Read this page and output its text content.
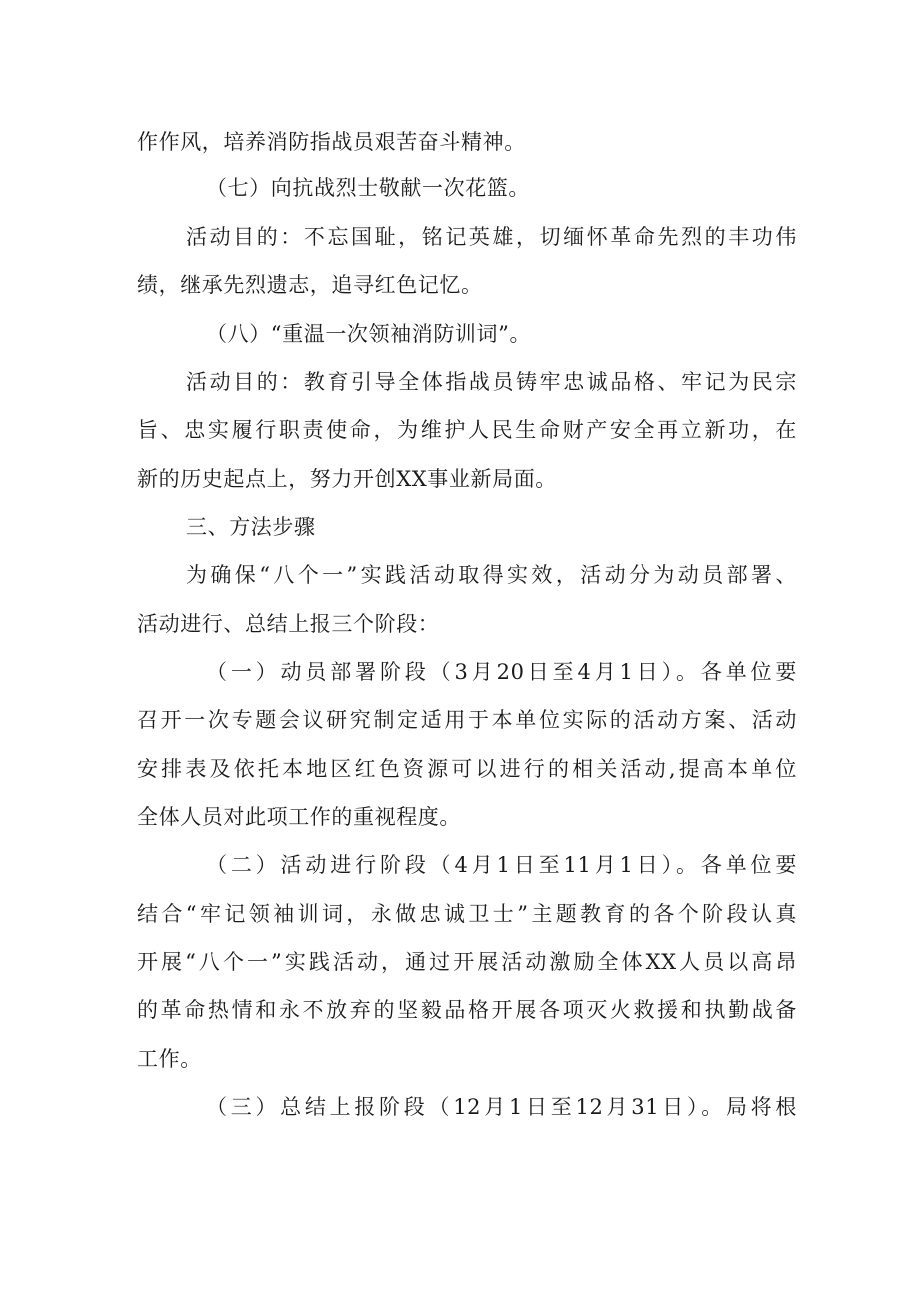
作作风，培养消防指战员艰苦奋斗精神。
（七）向抗战烈士敬献一次花篮。
活动目的：不忘国耻，铭记英雄，切缅怀革命先烈的丰功伟
绩，继承先烈遗志，追寻红色记忆。
（八）“重温一次领袖消防训词”。
活动目的：教育引导全体指战员铸牢忠诚品格、牢记为民宗
旨、忠实履行职责使命，为维护人民生命财产安全再立新功，在
新的历史起点上，努力开创XX事业新局面。
三、方法步骤
为确保“八个一”实践活动取得实效，活动分为动员部署、
活动进行、总结上报三个阶段：
（一）动员部署阶段（3月20日至4月1日）。各单位要
召开一次专题会议研究制定适用于本单位实际的活动方案、活动
安排表及依托本地区红色资源可以进行的相关活动,提高本单位
全体人员对此项工作的重视程度。
（二）活动进行阶段（4月1日至11月1日）。各单位要
结合“牢记领袖训词，永做忠诚卫士”主题教育的各个阶段认真
开展“八个一”实践活动，通过开展活动激励全体XX人员以高昂
的革命热情和永不放弃的坚毅品格开展各项灭火救援和执勤战备
工作。
（三）总结上报阶段（12月1日至12月31日）。局将根
